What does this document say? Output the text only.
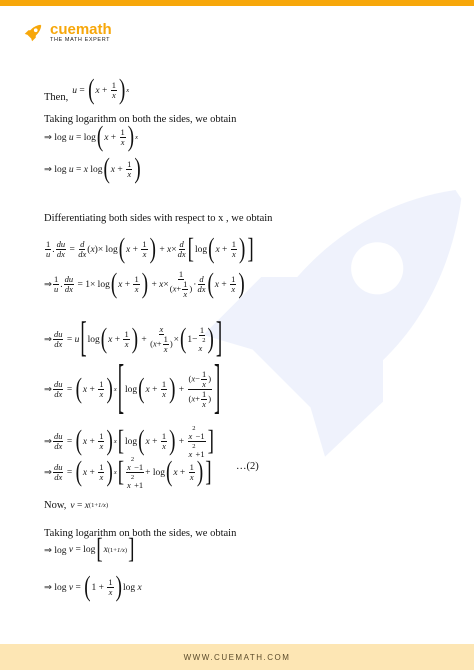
cuemath
THE MATH EXPERT
Then,
u = ( $x + \frac{1}{x}$ ) x
Taking logarithm on both the sides, we obtain
⇒ log u = log ( $x + \frac{1}{x}$ ) x
⇒ log u = x log ( $x + \frac{1}{x}$ )
Differentiating both sides with respect to x , we obtain
$\frac{1}{u}$ . $\frac{du}{dx} = \frac{d}{dx}$ ( x )× log ( $x + \frac{1}{x}$ ) + $x \times \frac{d}{dx}$ [ log ( $x + \frac{1}{x}$ ) ]
⇒ $\frac{1}{u}$ . $\frac{du}{dx} = 1\times \log$ ( $x + \frac{1}{x}$ ) + $x \times \frac{1}{(x+ \frac{1}{x} )} \cdot \frac{d}{dx}$ ( $x + \frac{1}{x}$ )
⇒ $\frac{du}{dx} = u$ [ log ( $x + \frac{1}{x}$ ) + $\frac{x}{(x+ \frac{1}{x} )}$ × ( $1- \frac{1}{x^2}$ ) ]
⇒ $\frac{du}{dx}$ = ( $x + \frac{1}{x}$ ) x [ log ( $x + \frac{1}{x}$ ) + $\frac{(x- \frac{1}{x} )}{(x+ \frac{1}{x} )}$ ]
⇒ $\frac{du}{dx}$ = ( $x + \frac{1}{x}$ ) x [ log ( $x + \frac{1}{x}$ ) + $\frac{x^2-1}{x^2+1}$ ]
⇒ $\frac{du}{dx}$ = ( $x + \frac{1}{x}$ ) x [ $\frac{x^2-1}{x^2+1} + \log$ ( $x + \frac{1}{x}$ ) ] …(2)
Now, v = x (1+1/x)
Taking logarithm on both the sides, we obtain
⇒ log v = log [ x (1+1/x) ]
⇒ log v = ( $1 + \frac{1}{x}$ ) log x
WWW.CUEMATH.COM
